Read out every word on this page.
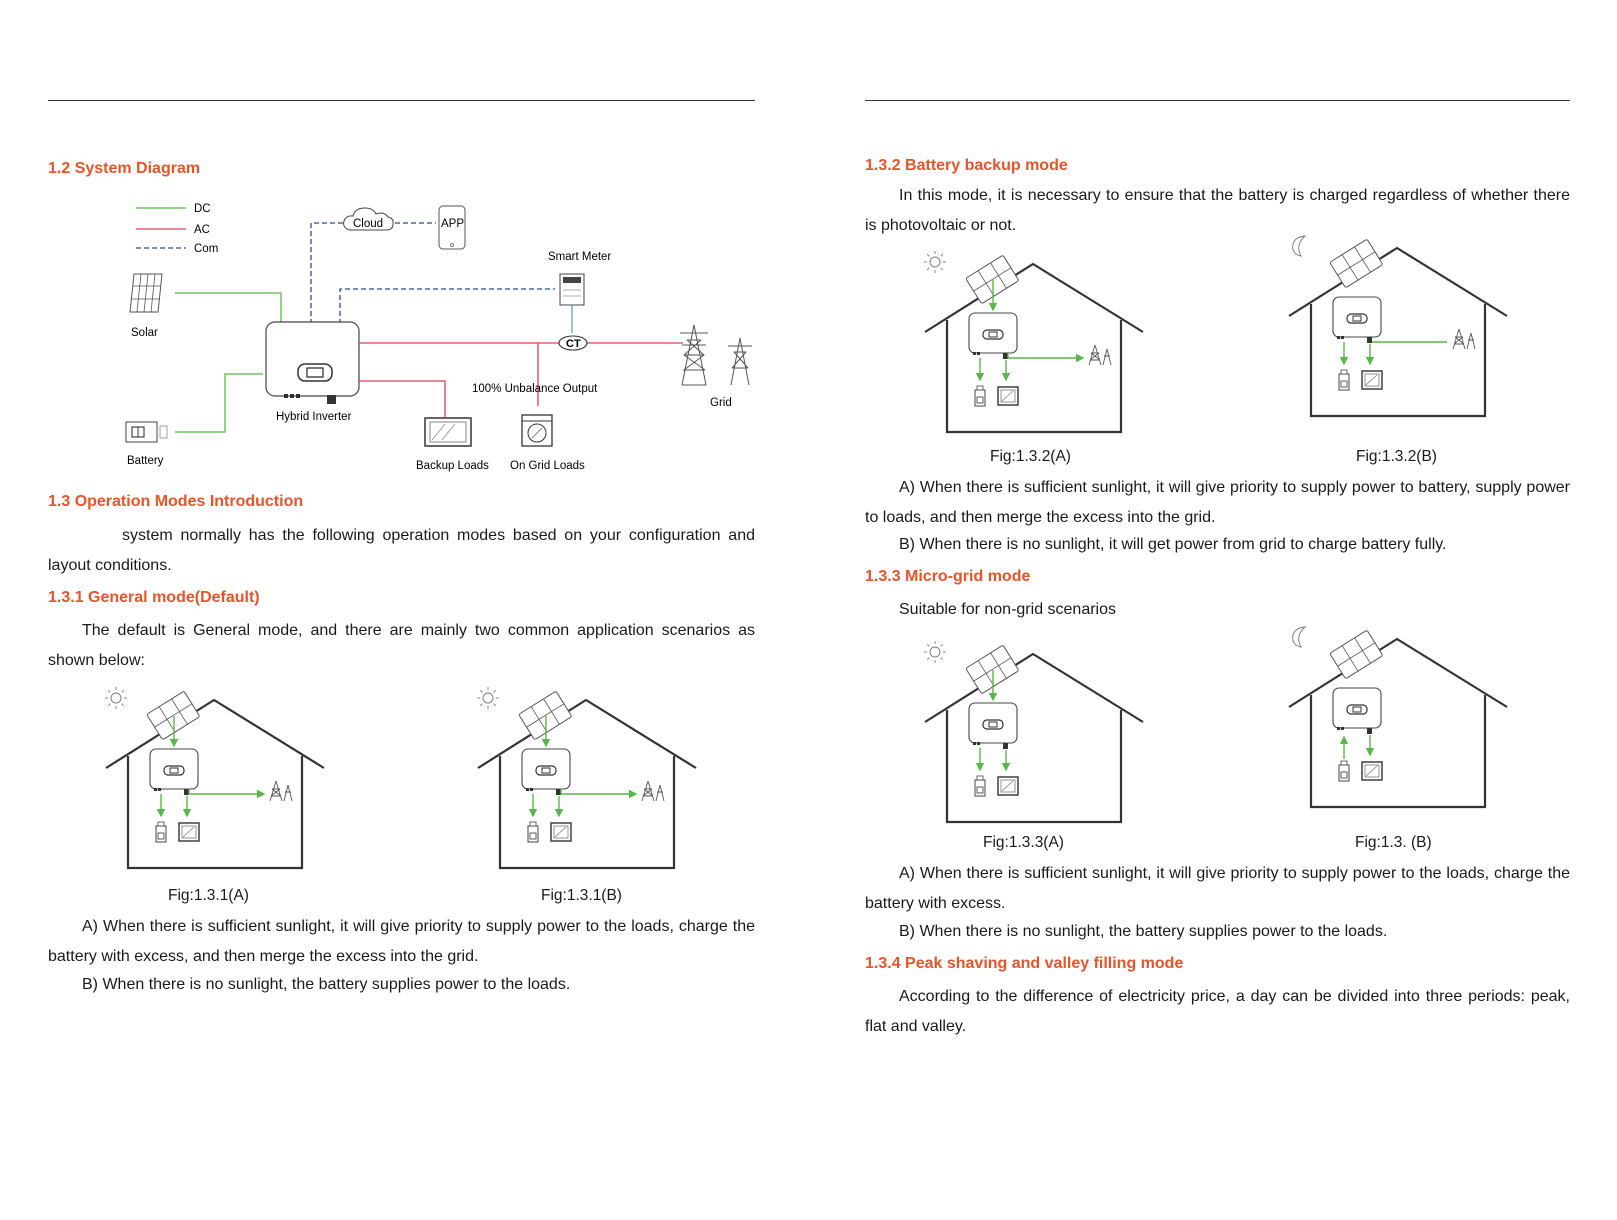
1.2 System Diagram
DC
AC
Com
Cloud	APP
Smart Meter
Solar
Hybrid Inverter
CT
100% Unbalance Output
Grid
Battery	Backup Loads On Grid Loads
1.3 Operation Modes Introduction

system normally has the following operation modes based on your configuration and layout conditions.

1.3.1 General mode(Default)

The default is General mode, and there are mainly two common application scenarios as shown below:

Fig:1.3.1(A)	Fig:1.3.1(B)

A) When there is sufficient sunlight, it will give priority to supply power to the loads, charge the battery with excess, and then merge the excess into the grid.

B) When there is no sunlight, the battery supplies power to the loads.

1.3.2 Battery backup mode

In this mode, it is necessary to ensure that the battery is charged regardless of whether there is photovoltaic or not.

Fig:1.3.2(A)	Fig:1.3.2(B)

A) When there is sufficient sunlight, it will give priority to supply power to battery, supply power to loads, and then merge the excess into the grid.

B) When there is no sunlight, it will get power from grid to charge battery fully.

1.3.3 Micro-grid mode

Suitable for non-grid scenarios

Fig:1.3.3(A)	Fig:1.3. (B)

A) When there is sufficient sunlight, it will give priority to supply power to the loads, charge the battery with excess.

B) When there is no sunlight, the battery supplies power to the loads.

1.3.4 Peak shaving and valley filling mode

According to the difference of electricity price, a day can be divided into three periods: peak, flat and valley.
